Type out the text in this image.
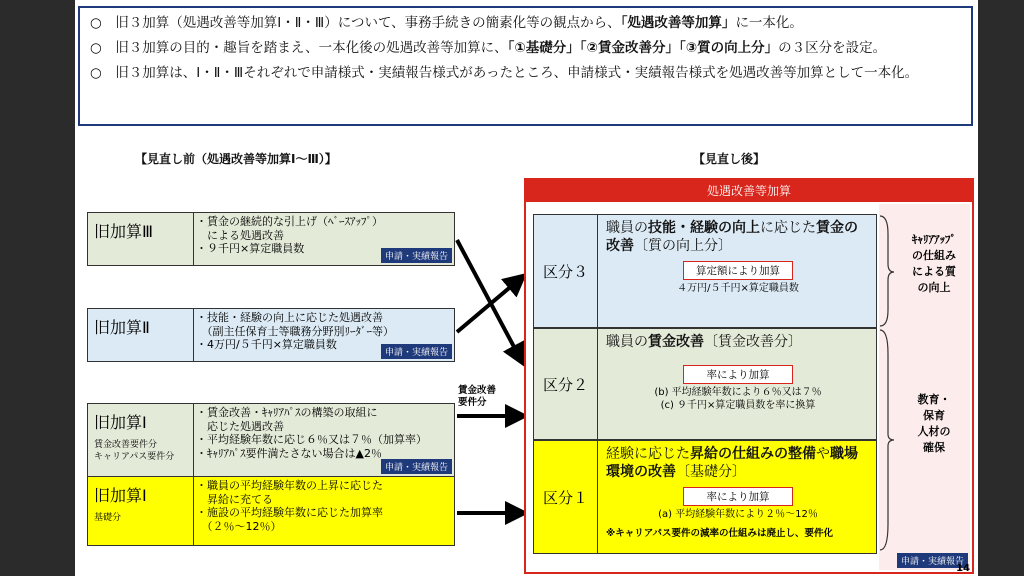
○　旧３加算（処遇改善等加算Ⅰ・Ⅱ・Ⅲ）について、事務手続きの簡素化等の観点から、「処遇改善等加算」に一本化。

○　旧３加算の目的・趣旨を踏まえ、一本化後の処遇改善等加算に、「①基礎分」「②賃金改善分」「③質の向上分」の３区分を設定。

○　旧３加算は、Ⅰ・Ⅱ・Ⅲそれぞれで申請様式・実績報告様式があったところ、申請様式・実績報告様式を処遇改善等加算として一本化。

【見直し前（処遇改善等加算Ⅰ～Ⅲ）】	【見直し後】
旧加算Ⅲ
・賃金の継続的な引上げ（ﾍﾞｰｽｱｯﾌﾟ）
　による処遇改善
・９千円×算定職員数
申請・実績報告
旧加算Ⅱ
・技能・経験の向上に応じた処遇改善
　（副主任保育士等職務分野別ﾘｰﾀﾞｰ等）
・4万円/５千円×算定職員数
申請・実績報告
旧加算Ⅰ
賃金改善要件分
キャリアパス要件分
・賃金改善・ｷｬﾘｱﾊﾟｽの構築の取組に
　応じた処遇改善
・平均経験年数に応じ６％又は７％（加算率）
・ｷｬﾘｱﾊﾟｽ要件満たさない場合は▲2％
申請・実績報告
旧加算Ⅰ
基礎分
・職員の平均経験年数の上昇に応じた
　昇給に充てる
・施設の平均経験年数に応じた加算率
　（２％～12％）
賃金改善
要件分
処遇改善等加算
区分３
職員の技能・経験の向上に応じた賃金の改善〔質の向上分〕
算定額により加算
４万円/５千円×算定職員数
区分２
職員の賃金改善〔賃金改善分〕
率により加算
(b) 平均経験年数により６％又は７％
(c) ９千円×算定職員数を率に換算
区分１
経験に応じた昇給の仕組みの整備や職場環境の改善〔基礎分〕
率により加算
(a) 平均経験年数により２％～12％
※キャリアパス要件の減率の仕組みは廃止し、要件化
ｷｬﾘｱｱｯﾌﾟ
の仕組み
による質
の向上
教育・
保育
人材の
確保
申請・実績報告
14
